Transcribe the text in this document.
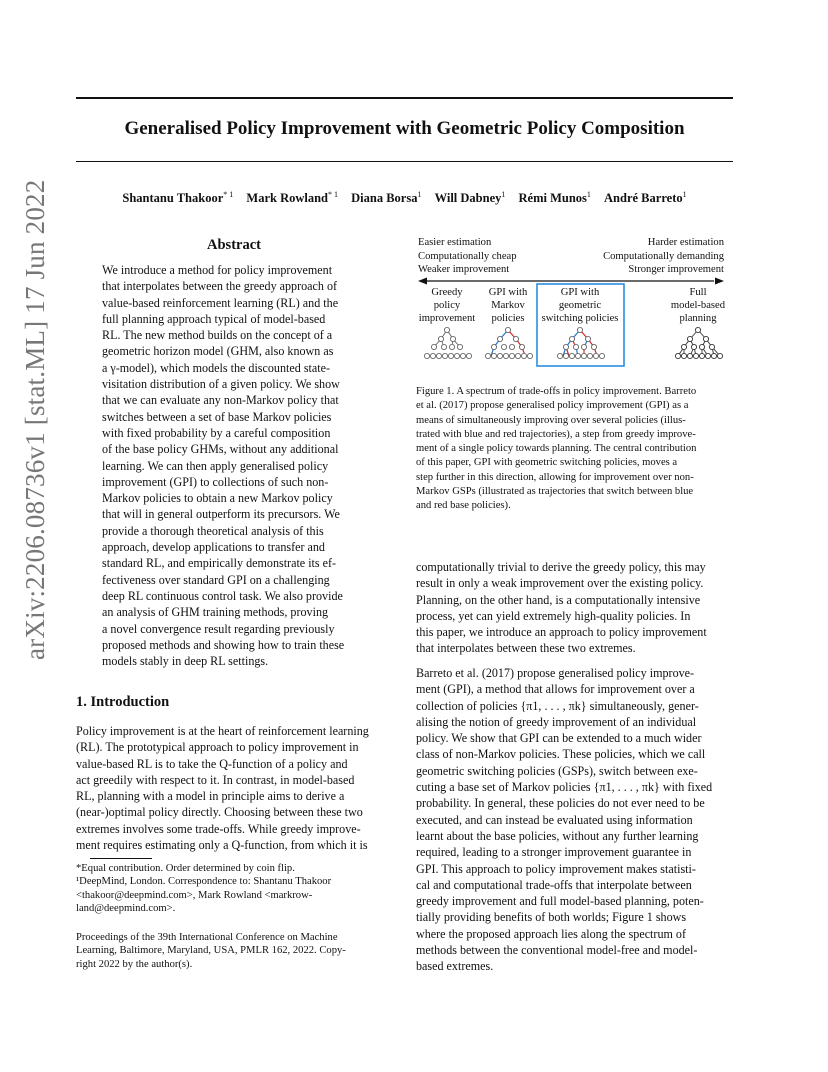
arXiv:2206.08736v1 [stat.ML] 17 Jun 2022
Generalised Policy Improvement with Geometric Policy Composition
Shantanu Thakoor$^{* 1}$ Mark Rowland$^{* 1}$ Diana Borsa$^1$ Will Dabney$^1$ Rémi Munos$^1$ André Barreto$^1$
Abstract
We introduce a method for policy improvement
that interpolates between the greedy approach of
value-based reinforcement learning (RL) and the
full planning approach typical of model-based
RL. The new method builds on the concept of a
geometric horizon model (GHM, also known as
a γ-model), which models the discounted state-
visitation distribution of a given policy. We show
that we can evaluate any non-Markov policy that
switches between a set of base Markov policies
with fixed probability by a careful composition
of the base policy GHMs, without any additional
learning. We can then apply generalised policy
improvement (GPI) to collections of such non-
Markov policies to obtain a new Markov policy
that will in general outperform its precursors. We
provide a thorough theoretical analysis of this
approach, develop applications to transfer and
standard RL, and empirically demonstrate its ef-
fectiveness over standard GPI on a challenging
deep RL continuous control task. We also provide
an analysis of GHM training methods, proving
a novel convergence result regarding previously
proposed methods and showing how to train these
models stably in deep RL settings.
1. Introduction
Policy improvement is at the heart of reinforcement learning
(RL). The prototypical approach to policy improvement in
value-based RL is to take the Q-function of a policy and
act greedily with respect to it. In contrast, in model-based
RL, planning with a model in principle aims to derive a
(near-)optimal policy directly. Choosing between these two
extremes involves some trade-offs. While greedy improve-
ment requires estimating only a Q-function, from which it is
*Equal contribution. Order determined by coin flip.
¹DeepMind, London. Correspondence to: Shantanu Thakoor
<thakoor@deepmind.com>, Mark Rowland <markrow-
land@deepmind.com>.
Proceedings of the 39th International Conference on Machine
Learning, Baltimore, Maryland, USA, PMLR 162, 2022. Copy-
right 2022 by the author(s).
Easier estimation
Computationally cheap
Weaker improvement
Harder estimation
Computationally demanding
Stronger improvement
Greedy
policy
improvement
GPI with
Markov
policies
GPI with
geometric
switching policies
Full
model-based
planning
Figure 1. A spectrum of trade-offs in policy improvement. Barreto
et al. (2017) propose generalised policy improvement (GPI) as a
means of simultaneously improving over several policies (illus-
trated with blue and red trajectories), a step from greedy improve-
ment of a single policy towards planning. The central contribution
of this paper, GPI with geometric switching policies, moves a
step further in this direction, allowing for improvement over non-
Markov GSPs (illustrated as trajectories that switch between blue
and red base policies).
computationally trivial to derive the greedy policy, this may
result in only a weak improvement over the existing policy.
Planning, on the other hand, is a computationally intensive
process, yet can yield extremely high-quality policies. In
this paper, we introduce an approach to policy improvement
that interpolates between these two extremes.
Barreto et al. (2017) propose generalised policy improve-
ment (GPI), a method that allows for improvement over a
collection of policies {π1, . . . , πk} simultaneously, gener-
alising the notion of greedy improvement of an individual
policy. We show that GPI can be extended to a much wider
class of non-Markov policies. These policies, which we call
geometric switching policies (GSPs), switch between exe-
cuting a base set of Markov policies {π1, . . . , πk} with fixed
probability. In general, these policies do not ever need to be
executed, and can instead be evaluated using information
learnt about the base policies, without any further learning
required, leading to a stronger improvement guarantee in
GPI. This approach to policy improvement makes statisti-
cal and computational trade-offs that interpolate between
greedy improvement and full model-based planning, poten-
tially providing benefits of both worlds; Figure 1 shows
where the proposed approach lies along the spectrum of
methods between the conventional model-free and model-
based extremes.
